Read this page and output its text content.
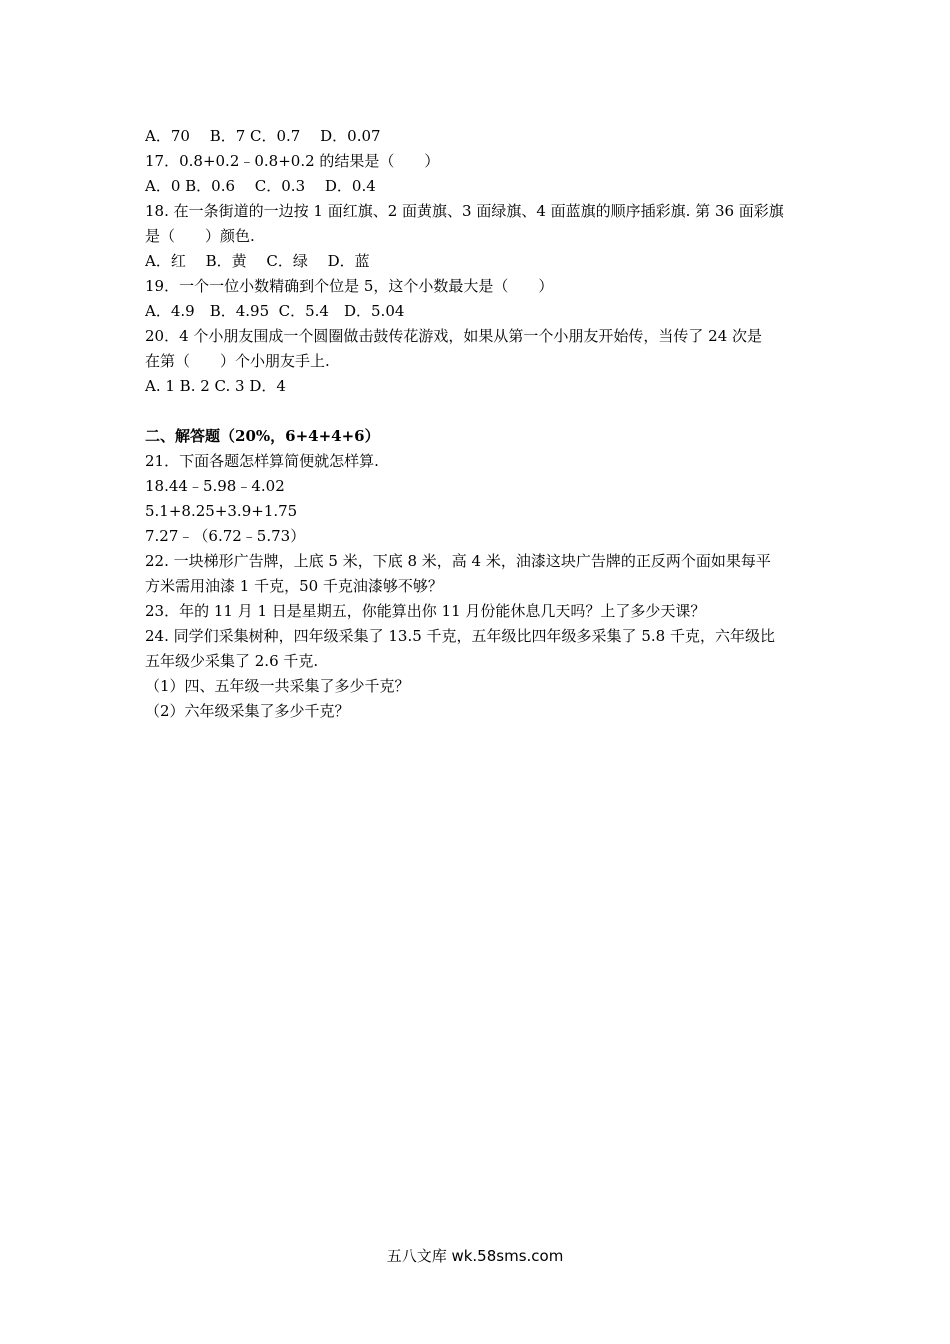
A．70　 B．7 C．0.7　 D．0.07
17．0.8+0.2﹣0.8+0.2 的结果是（　　）
A．0 B．0.6　 C．0.3　 D．0.4
18. 在一条街道的一边按 1 面红旗、2 面黄旗、3 面绿旗、4 面蓝旗的顺序插彩旗. 第 36 面彩旗
是（　　）颜色.
A．红　 B．黄　 C．绿　 D．蓝
19．一个一位小数精确到个位是 5，这个小数最大是（　　）
A．4.9　B．4.95  C．5.4　D．5.04
20．4 个小朋友围成一个圆圈做击鼓传花游戏，如果从第一个小朋友开始传，当传了 24 次是
在第（　　）个小朋友手上.
A. 1 B. 2 C. 3 D．4
二、解答题（20%，6+4+4+6）
21．下面各题怎样算简便就怎样算.
18.44﹣5.98﹣4.02
5.1+8.25+3.9+1.75
7.27﹣（6.72﹣5.73）
22. 一块梯形广告牌，上底 5 米，下底 8 米，高 4 米，油漆这块广告牌的正反两个面如果每平
方米需用油漆 1 千克，50 千克油漆够不够？
23．年的 11 月 1 日是星期五，你能算出你 11 月份能休息几天吗？上了多少天课？
24. 同学们采集树种，四年级采集了 13.5 千克，五年级比四年级多采集了 5.8 千克，六年级比
五年级少采集了 2.6 千克.
（1）四、五年级一共采集了多少千克？
（2）六年级采集了多少千克？
五八文库 wk.58sms.com
